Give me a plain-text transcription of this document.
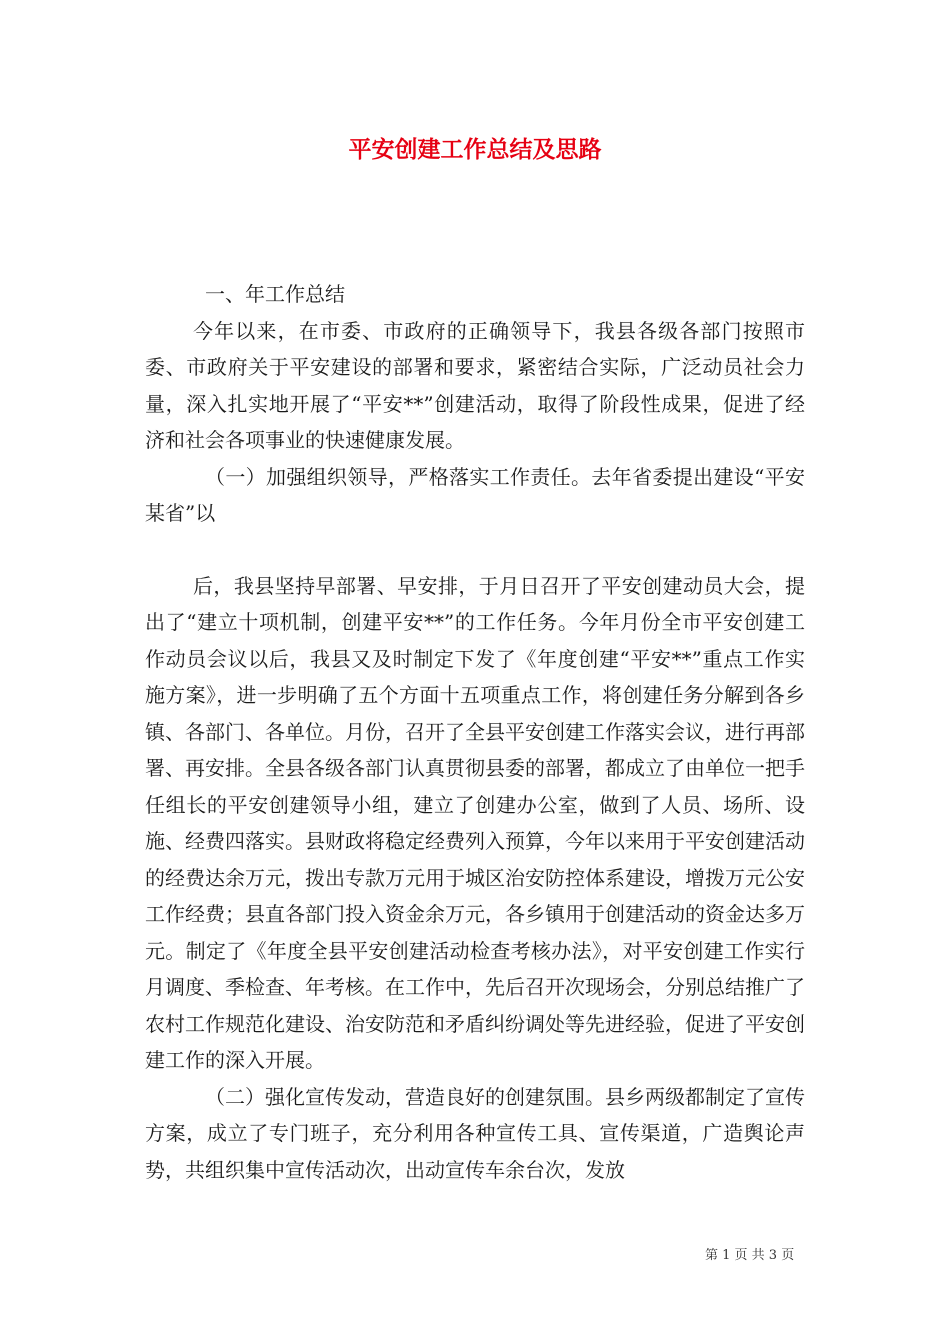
平安创建工作总结及思路

一、年工作总结

今年以来，在市委、市政府的正确领导下，我县各级各部门按照市委、市政府关于平安建设的部署和要求，紧密结合实际，广泛动员社会力量，深入扎实地开展了“平安**”创建活动，取得了阶段性成果，促进了经济和社会各项事业的快速健康发展。

（一）加强组织领导，严格落实工作责任。去年省委提出建设“平安某省”以

后，我县坚持早部署、早安排，于月日召开了平安创建动员大会，提出了“建立十项机制，创建平安**”的工作任务。今年月份全市平安创建工作动员会议以后，我县又及时制定下发了《年度创建“平安**”重点工作实施方案》，进一步明确了五个方面十五项重点工作，将创建任务分解到各乡镇、各部门、各单位。月份，召开了全县平安创建工作落实会议，进行再部署、再安排。全县各级各部门认真贯彻县委的部署，都成立了由单位一把手任组长的平安创建领导小组，建立了创建办公室，做到了人员、场所、设施、经费四落实。县财政将稳定经费列入预算，今年以来用于平安创建活动的经费达余万元，拨出专款万元用于城区治安防控体系建设，增拨万元公安工作经费；县直各部门投入资金余万元，各乡镇用于创建活动的资金达多万元。制定了《年度全县平安创建活动检查考核办法》，对平安创建工作实行月调度、季检查、年考核。在工作中，先后召开次现场会，分别总结推广了农村工作规范化建设、治安防范和矛盾纠纷调处等先进经验，促进了平安创建工作的深入开展。

（二）强化宣传发动，营造良好的创建氛围。县乡两级都制定了宣传方案，成立了专门班子，充分利用各种宣传工具、宣传渠道，广造舆论声势，共组织集中宣传活动次，出动宣传车余台次，发放

第 1 页 共 3 页
